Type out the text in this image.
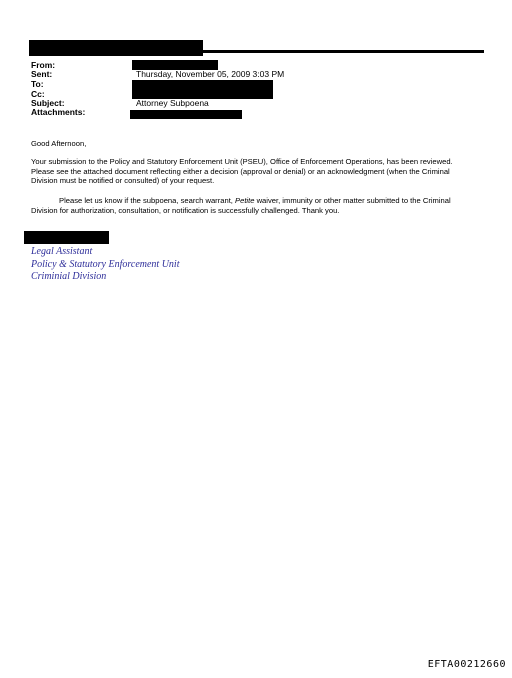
From:
Sent:	Thursday, November 05, 2009 3:03 PM
To:
Cc:
Subject:	Attorney Subpoena
Attachments:
Good Afternoon,
Your submission to the Policy and Statutory Enforcement Unit (PSEU), Office of Enforcement Operations, has been reviewed. Please see the attached document reflecting either a decision (approval or denial) or an acknowledgment (when the Criminal Division must be notified or consulted) of your request.
Please let us know if the subpoena, search warrant, Petite waiver, immunity or other matter submitted to the Criminal Division for authorization, consultation, or notification is successfully challenged. Thank you.
Legal Assistant
Policy & Statutory Enforcement Unit
Criminial Division
EFTA00212660
